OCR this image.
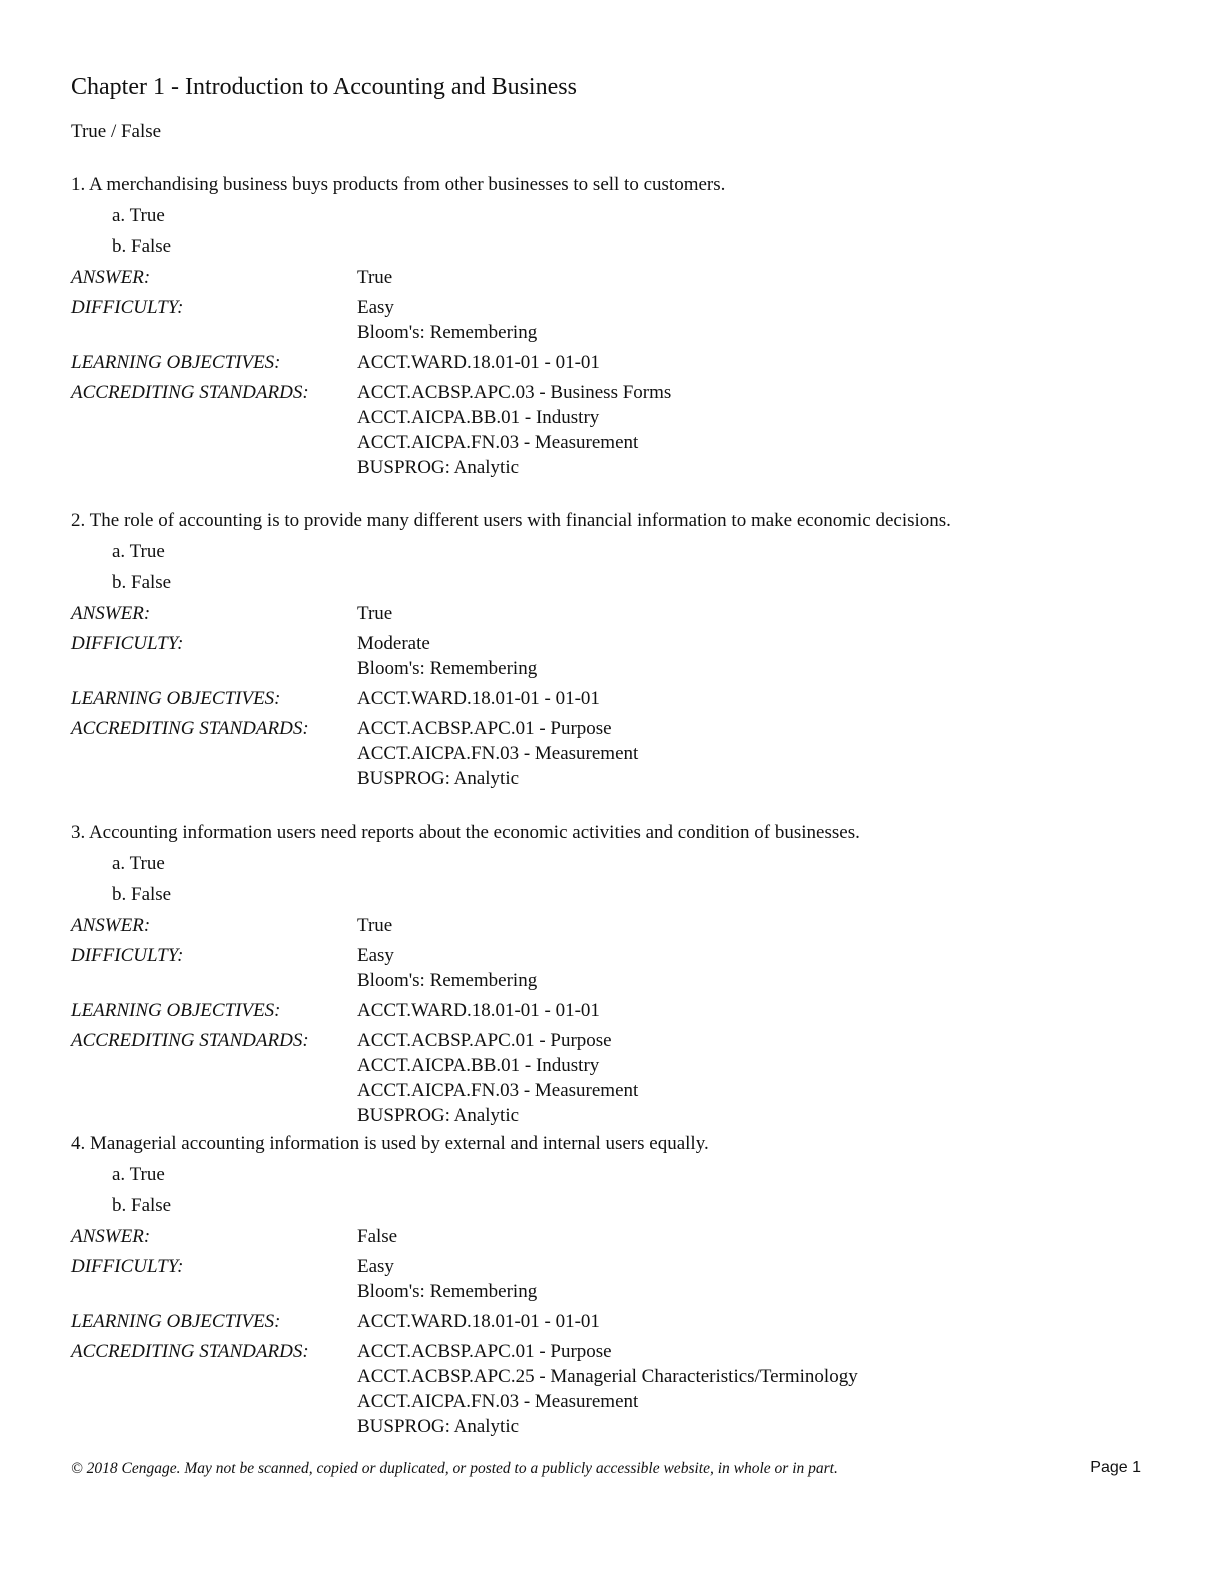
Chapter 1 - Introduction to Accounting and Business
True / False
1. A merchandising business buys products from other businesses to sell to customers.
a. True
b. False
ANSWER:	True
DIFFICULTY:	Easy
Bloom's: Remembering
LEARNING OBJECTIVES:	ACCT.WARD.18.01-01 - 01-01
ACCREDITING STANDARDS:	ACCT.ACBSP.APC.03 - Business Forms
ACCT.AICPA.BB.01 - Industry
ACCT.AICPA.FN.03 - Measurement
BUSPROG: Analytic
2. The role of accounting is to provide many different users with financial information to make economic decisions.
a. True
b. False
ANSWER:	True
DIFFICULTY:	Moderate
Bloom's: Remembering
LEARNING OBJECTIVES:	ACCT.WARD.18.01-01 - 01-01
ACCREDITING STANDARDS:	ACCT.ACBSP.APC.01 - Purpose
ACCT.AICPA.FN.03 - Measurement
BUSPROG: Analytic
3. Accounting information users need reports about the economic activities and condition of businesses.
a. True
b. False
ANSWER:	True
DIFFICULTY:	Easy
Bloom's: Remembering
LEARNING OBJECTIVES:	ACCT.WARD.18.01-01 - 01-01
ACCREDITING STANDARDS:	ACCT.ACBSP.APC.01 - Purpose
ACCT.AICPA.BB.01 - Industry
ACCT.AICPA.FN.03 - Measurement
BUSPROG: Analytic
4. Managerial accounting information is used by external and internal users equally.
a. True
b. False
ANSWER:	False
DIFFICULTY:	Easy
Bloom's: Remembering
LEARNING OBJECTIVES:	ACCT.WARD.18.01-01 - 01-01
ACCREDITING STANDARDS:	ACCT.ACBSP.APC.01 - Purpose
ACCT.ACBSP.APC.25 - Managerial Characteristics/Terminology
ACCT.AICPA.FN.03 - Measurement
BUSPROG: Analytic
© 2018 Cengage. May not be scanned, copied or duplicated, or posted to a publicly accessible website, in whole or in part.	Page 1
